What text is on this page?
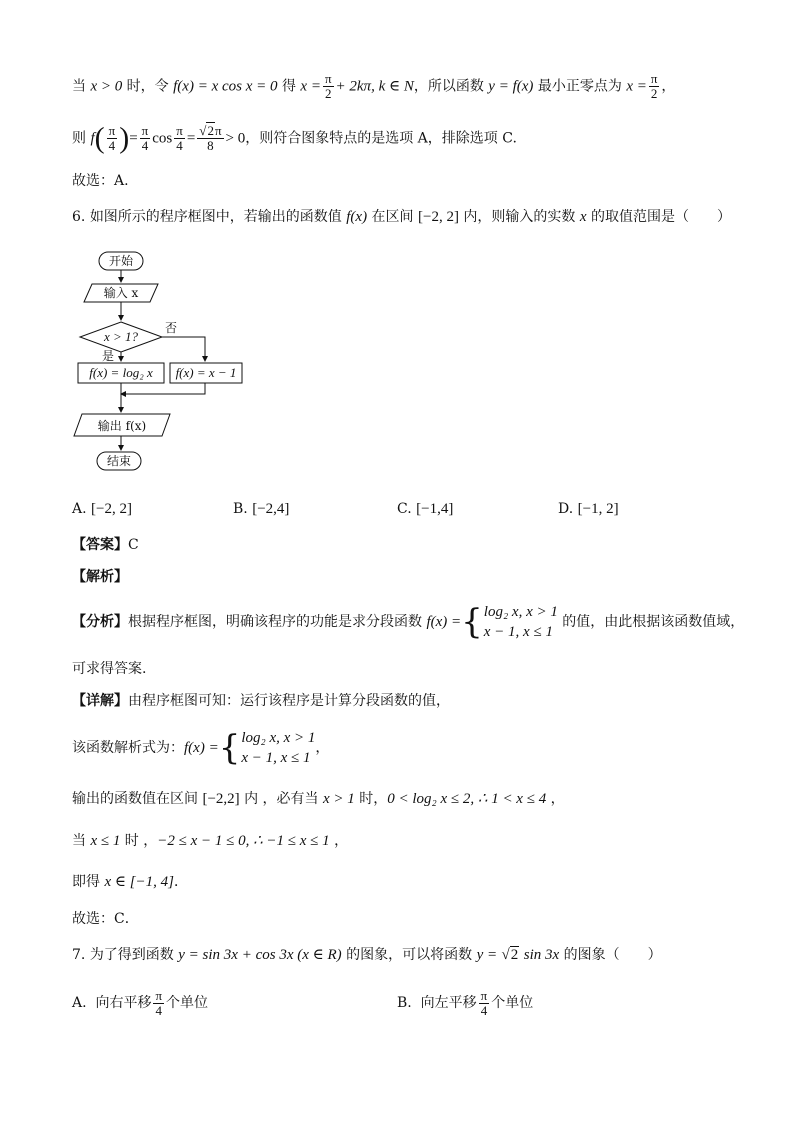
当 x > 0 时，令 f(x) = x cos x = 0 得 $x = \frac{\pi}{2} + 2k\pi$, k ∈ N，所以函数 y = f(x) 最小正零点为 $x = \frac{\pi}{2}$ ，
则 $f( \frac{\pi}{4}$ )= $\frac{\pi}{4}$ $\cos \frac{\pi}{4} = \frac{√2\pi}{8} > 0$，则符合图象特点的是选项 A，排除选项 C.
故选：A.
6. 如图所示的程序框图中，若输出的函数值 f(x) 在区间 [−2, 2] 内，则输入的实数 x 的取值范围是（　　）
开始
输入 x
x > 1?
否
是
f(x) = log₂ x f(x) = x − 1
输出 f(x)
结束
A. [−2, 2]	B. [−2,4]	C. [−1,4]	D. [−1, 2]
【答案】C
【解析】
【分析】根据程序框图，明确该程序的功能是求分段函数 f(x) = { log₂ x, x > 1
x − 1, x ≤ 1
的值，由此根据该函数值域，
可求得答案.
【详解】由程序框图可知：运行该程序是计算分段函数的值，
该函数解析式为：f(x) = { log₂ x, x > 1
x − 1, x ≤ 1
，
输出的函数值在区间 [−2,2] 内 ，必有当 x > 1 时，0 < log₂ x ≤ 2, ∴ 1 < x ≤ 4 ，
当 x ≤ 1 时 ，−2 ≤ x − 1 ≤ 0, ∴ −1 ≤ x ≤ 1 ，
即得 x ∈ [−1, 4]．
故选：C．
7. 为了得到函数 y = sin 3x + cos 3x (x ∈ R) 的图象，可以将函数 y = √2 sin 3x 的图象（　　）
A. 向右平移 $\frac{\pi}{4}$ 个单位	B. 向左平移 $\frac{\pi}{4}$ 个单位
